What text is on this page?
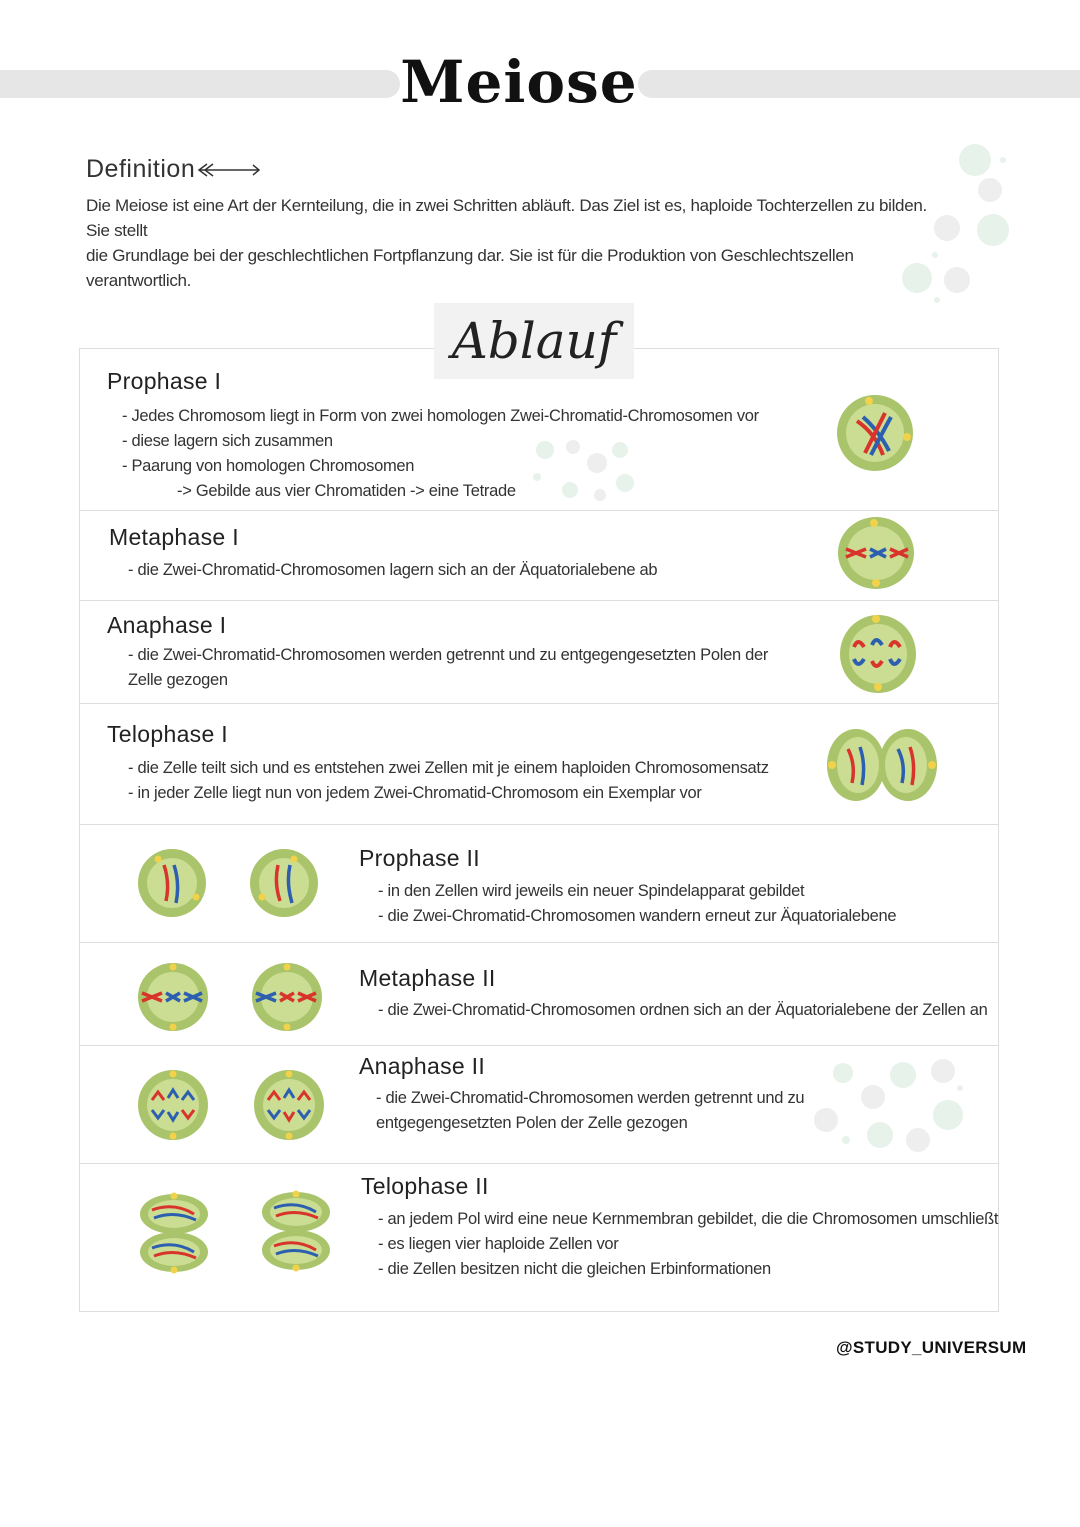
Meiose
Definition
Die Meiose ist eine Art der Kernteilung, die in zwei Schritten abläuft. Das Ziel ist es, haploide Tochterzellen zu bilden. Sie stellt
die Grundlage bei der geschlechtlichen Fortpflanzung dar. Sie ist für die Produktion von Geschlechtszellen verantwortlich.
Ablauf
Prophase I
- Jedes Chromosom liegt in Form von zwei homologen Zwei-Chromatid-Chromosomen vor
- diese lagern sich zusammen
- Paarung von homologen Chromosomen
-> Gebilde aus vier Chromatiden -> eine Tetrade
Metaphase I
- die Zwei-Chromatid-Chromosomen lagern sich an der Äquatorialebene ab
Anaphase I
- die Zwei-Chromatid-Chromosomen werden getrennt und zu entgegengesetzten Polen der
Zelle gezogen
Telophase I
- die Zelle teilt sich und es entstehen zwei Zellen mit je einem haploiden Chromosomensatz
- in jeder Zelle liegt nun von jedem Zwei-Chromatid-Chromosom ein Exemplar vor
Prophase II
- in den Zellen wird jeweils ein neuer Spindelapparat gebildet
- die Zwei-Chromatid-Chromosomen wandern erneut zur Äquatorialebene
Metaphase II
- die Zwei-Chromatid-Chromosomen ordnen sich an der Äquatorialebene der Zellen an
Anaphase II
- die Zwei-Chromatid-Chromosomen werden getrennt und zu
entgegengesetzten Polen der Zelle gezogen
Telophase II
- an jedem Pol wird eine neue Kernmembran gebildet, die die Chromosomen umschließt
- es liegen vier haploide Zellen vor
- die Zellen besitzen nicht die gleichen Erbinformationen
@STUDY_UNIVERSUM
